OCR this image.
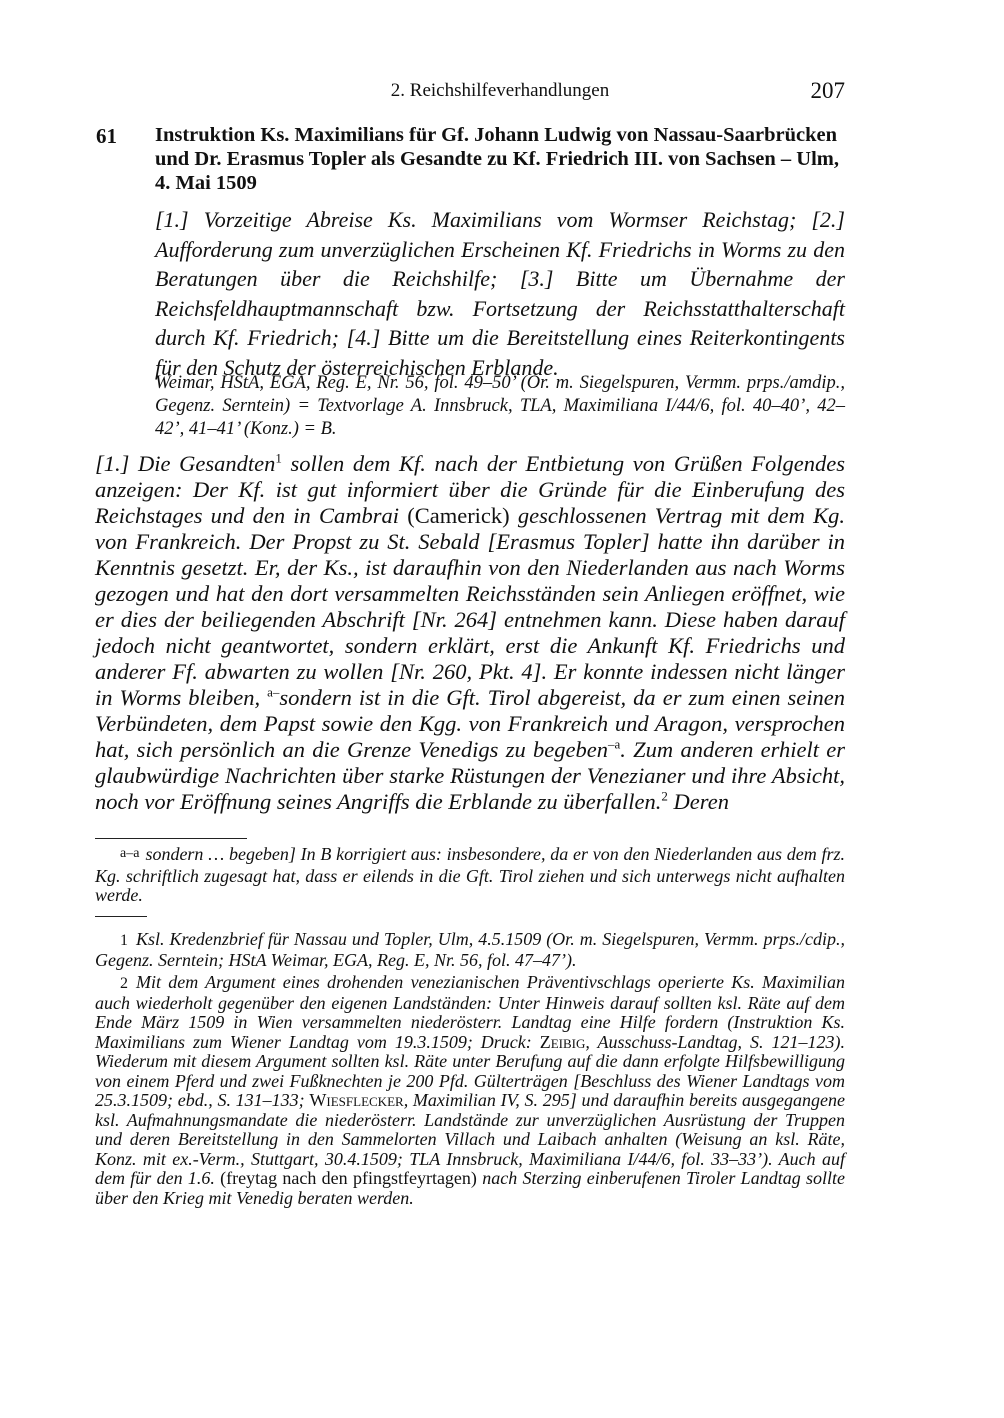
2. Reichshilfeverhandlungen	207
61 Instruktion Ks. Maximilians für Gf. Johann Ludwig von Nassau-Saarbrücken und Dr. Erasmus Topler als Gesandte zu Kf. Friedrich III. von Sachsen – Ulm, 4. Mai 1509

[1.] Vorzeitige Abreise Ks. Maximilians vom Wormser Reichstag; [2.] Aufforderung zum unverzüglichen Erscheinen Kf. Friedrichs in Worms zu den Beratungen über die Reichshilfe; [3.] Bitte um Übernahme der Reichsfeldhauptmannschaft bzw. Fortsetzung der Reichsstatthalterschaft durch Kf. Friedrich; [4.] Bitte um die Bereitstellung eines Reiterkontingents für den Schutz der österreichischen Erblande.

Weimar, HStA, EGA, Reg. E, Nr. 56, fol. 49–50’ (Or. m. Siegelspuren, Vermm. prps./amdip., Gegenz. Serntein) = Textvorlage A. Innsbruck, TLA, Maximiliana I/44/6, fol. 40–40’, 42–42’, 41–41’ (Konz.) = B.

[1.] Die Gesandten$^1$ sollen dem Kf. nach der Entbietung von Grüßen Folgendes anzeigen: Der Kf. ist gut informiert über die Gründe für die Einberufung des Reichstages und den in Cambrai (Camerick) geschlossenen Vertrag mit dem Kg. von Frankreich. Der Propst zu St. Sebald [Erasmus Topler] hatte ihn darüber in Kenntnis gesetzt. Er, der Ks., ist daraufhin von den Niederlanden aus nach Worms gezogen und hat den dort versammelten Reichsständen sein Anliegen eröffnet, wie er dies der beiliegenden Abschrift [Nr. 264] entnehmen kann. Diese haben darauf jedoch nicht geantwortet, sondern erklärt, erst die Ankunft Kf. Friedrichs und anderer Ff. abwarten zu wollen [Nr. 260, Pkt. 4]. Er konnte indessen nicht länger in Worms bleiben, $^{a-}$sondern ist in die Gft. Tirol abgereist, da er zum einen seinen Verbündeten, dem Papst sowie den Kgg. von Frankreich und Aragon, versprochen hat, sich persönlich an die Grenze Venedigs zu begeben$^{-a}$. Zum anderen erhielt er glaubwürdige Nachrichten über starke Rüstungen der Venezianer und ihre Absicht, noch vor Eröffnung seines Angriffs die Erblande zu überfallen.$^2$ Deren

a–a sondern … begeben] In B korrigiert aus: insbesondere, da er von den Niederlanden aus dem frz. Kg. schriftlich zugesagt hat, dass er eilends in die Gft. Tirol ziehen und sich unterwegs nicht aufhalten werde.

1 Ksl. Kredenzbrief für Nassau und Topler, Ulm, 4.5.1509 (Or. m. Siegelspuren, Vermm. prps./cdip., Gegenz. Serntein; HStA Weimar, EGA, Reg. E, Nr. 56, fol. 47–47’).

2 Mit dem Argument eines drohenden venezianischen Präventivschlags operierte Ks. Maximilian auch wiederholt gegenüber den eigenen Landständen: Unter Hinweis darauf sollten ksl. Räte auf dem Ende März 1509 in Wien versammelten niederösterr. Landtag eine Hilfe fordern (Instruktion Ks. Maximilians zum Wiener Landtag vom 19.3.1509; Druck: Zeibig, Ausschuss-Landtag, S. 121–123). Wiederum mit diesem Argument sollten ksl. Räte unter Berufung auf die dann erfolgte Hilfsbewilligung von einem Pferd und zwei Fußknechten je 200 Pfd. Gülterträgen [Beschluss des Wiener Landtags vom 25.3.1509; ebd., S. 131–133; Wiesflecker, Maximilian IV, S. 295] und daraufhin bereits ausgegangene ksl. Aufmahnungsmandate die niederösterr. Landstände zur unverzüglichen Ausrüstung der Truppen und deren Bereitstellung in den Sammelorten Villach und Laibach anhalten (Weisung an ksl. Räte, Konz. mit ex.-Verm., Stuttgart, 30.4.1509; TLA Innsbruck, Maximiliana I/44/6, fol. 33–33’). Auch auf dem für den 1.6. (freytag nach den pfingstfeyrtagen) nach Sterzing einberufenen Tiroler Landtag sollte über den Krieg mit Venedig beraten werden.
